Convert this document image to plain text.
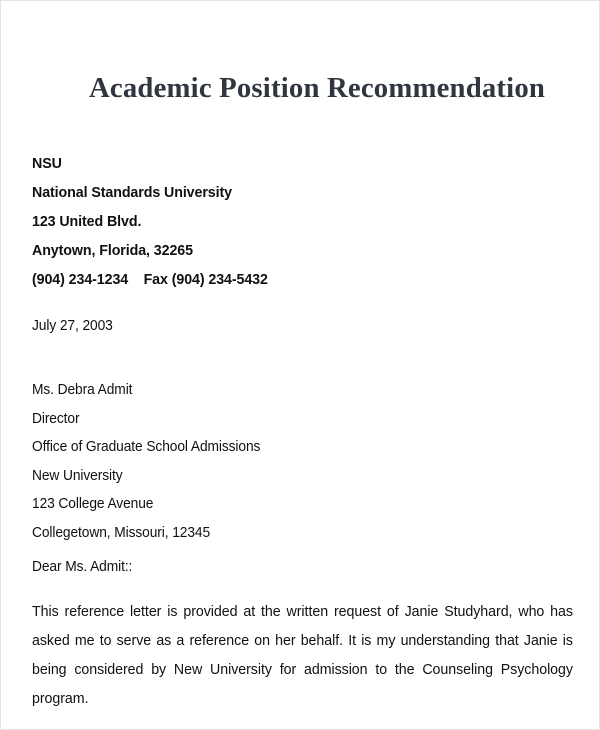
Academic Position Recommendation
NSU
National Standards University
123 United Blvd.
Anytown, Florida, 32265
(904) 234-1234    Fax (904) 234-5432
July 27, 2003
Ms. Debra Admit
Director
Office of Graduate School Admissions
New University
123 College Avenue
Collegetown, Missouri, 12345
Dear Ms. Admit::
This reference letter is provided at the written request of Janie Studyhard, who has asked me to serve as a reference on her behalf. It is my understanding that Janie is being considered by New University for admission to the Counseling Psychology program.
